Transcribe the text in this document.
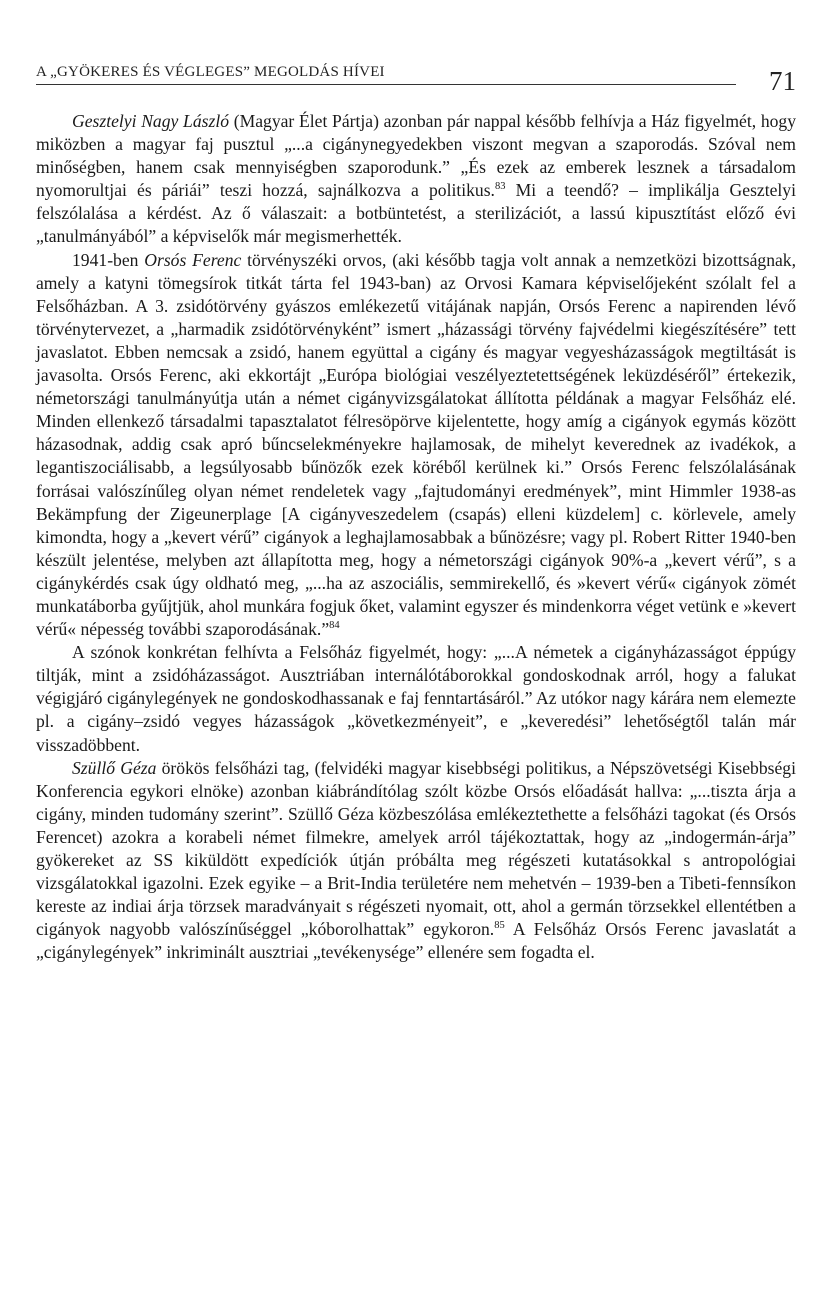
A „GYÖKERES ÉS VÉGLEGES” MEGOLDÁS HÍVEI	71

Gesztelyi Nagy László (Magyar Élet Pártja) azonban pár nappal később felhívja a Ház figyelmét, hogy miközben a magyar faj pusztul „...a cigánynegyedekben viszont megvan a szaporodás. Szóval nem minőségben, hanem csak mennyiségben szaporodunk.” „És ezek az emberek lesznek a társadalom nyomorultjai és páriái” teszi hozzá, sajnálkozva a politikus.$^{83}$ Mi a teendő? – implikálja Gesztelyi felszólalása a kérdést. Az ő válaszait: a botbüntetést, a sterilizációt, a lassú kipusztítást előző évi „tanulmányából” a képviselők már megismerhették.

1941-ben Orsós Ferenc törvényszéki orvos, (aki később tagja volt annak a nemzetközi bizottságnak, amely a katyni tömegsírok titkát tárta fel 1943-ban) az Orvosi Kamara képviselőjeként szólalt fel a Felsőházban. A 3. zsidótörvény gyászos emlékezetű vitájának napján, Orsós Ferenc a napirenden lévő törvénytervezet, a „harmadik zsidótörvényként” ismert „házassági törvény fajvédelmi kiegészítésére” tett javaslatot. Ebben nemcsak a zsidó, hanem együttal a cigány és magyar vegyesházasságok megtiltását is javasolta. Orsós Ferenc, aki ekkortájt „Európa biológiai veszélyeztetettségének leküzdéséről” értekezik, németországi tanulmányútja után a német cigányvizsgálatokat állította példának a magyar Felsőház elé. Minden ellenkező társadalmi tapasztalatot félresöpörve kijelentette, hogy amíg a cigányok egymás között házasodnak, addig csak apró bűncselekményekre hajlamosak, de mihelyt keverednek az ivadékok, a legantiszociálisabb, a legsúlyosabb bűnözők ezek köréből kerülnek ki.” Orsós Ferenc felszólalásának forrásai valószínűleg olyan német rendeletek vagy „fajtudományi eredmények”, mint Himmler 1938-as Bekämpfung der Zigeunerplage [A cigányveszedelem (csapás) elleni küzdelem] c. körlevele, amely kimondta, hogy a „kevert vérű” cigányok a leghajlamosabbak a bűnözésre; vagy pl. Robert Ritter 1940-ben készült jelentése, melyben azt állapította meg, hogy a németországi cigányok 90%-a „kevert vérű”, s a cigánykérdés csak úgy oldható meg, „...ha az aszociális, semmirekellő, és »kevert vérű« cigányok zömét munkatáborba gyűjtjük, ahol munkára fogjuk őket, valamint egyszer és mindenkorra véget vetünk e »kevert vérű« népesség további szaporodásának.”$^{84}$

A szónok konkrétan felhívta a Felsőház figyelmét, hogy: „...A németek a cigányházasságot éppúgy tiltják, mint a zsidóházasságot. Ausztriában internálótáborokkal gondoskodnak arról, hogy a falukat végigjáró cigánylegények ne gondoskodhassanak e faj fenntartásáról.” Az utókor nagy kárára nem elemezte pl. a cigány–zsidó vegyes házasságok „következményeit”, e „keveredési” lehetőségtől talán már visszadöbbent.

Szüllő Géza örökös felsőházi tag, (felvidéki magyar kisebbségi politikus, a Népszövetségi Kisebbségi Konferencia egykori elnöke) azonban kiábrándítólag szólt közbe Orsós előadását hallva: „...tiszta árja a cigány, minden tudomány szerint”. Szüllő Géza közbeszólása emlékeztethette a felsőházi tagokat (és Orsós Ferencet) azokra a korabeli német filmekre, amelyek arról tájékoztattak, hogy az „indogermán-árja” gyökereket az SS kiküldött expedíciók útján próbálta meg régészeti kutatásokkal s antropológiai vizsgálatokkal igazolni. Ezek egyike – a Brit-India területére nem mehetvén – 1939-ben a Tibeti-fennsíkon kereste az indiai árja törzsek maradványait s régészeti nyomait, ott, ahol a germán törzsekkel ellentétben a cigányok nagyobb valószínűséggel „kóborolhattak” egykoron.$^{85}$ A Felsőház Orsós Ferenc javaslatát a „cigánylegények” inkriminált ausztriai „tevékenysége” ellenére sem fogadta el.
